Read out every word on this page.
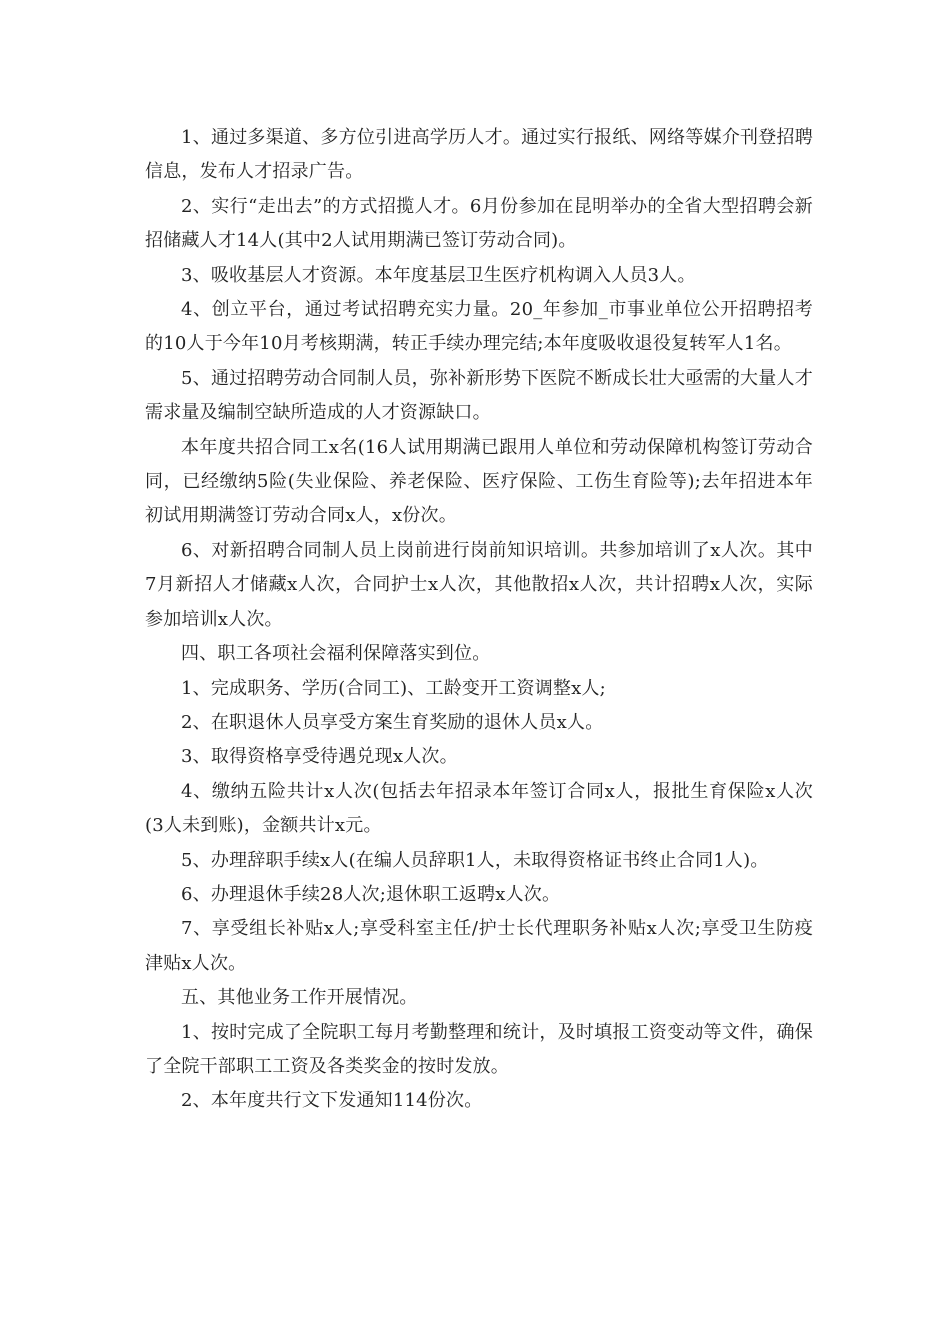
1、通过多渠道、多方位引进高学历人才。通过实行报纸、网络等媒介刊登招聘信息，发布人才招录广告。

2、实行“走出去”的方式招揽人才。6月份参加在昆明举办的全省大型招聘会新招储藏人才14人(其中2人试用期满已签订劳动合同)。

3、吸收基层人才资源。本年度基层卫生医疗机构调入人员3人。

4、创立平台，通过考试招聘充实力量。20_年参加_市事业单位公开招聘招考的10人于今年10月考核期满，转正手续办理完结;本年度吸收退役复转军人1名。

5、通过招聘劳动合同制人员，弥补新形势下医院不断成长壮大亟需的大量人才需求量及编制空缺所造成的人才资源缺口。

本年度共招合同工x名(16人试用期满已跟用人单位和劳动保障机构签订劳动合同，已经缴纳5险(失业保险、养老保险、医疗保险、工伤生育险等);去年招进本年初试用期满签订劳动合同x人，x份次。

6、对新招聘合同制人员上岗前进行岗前知识培训。共参加培训了x人次。其中7月新招人才储藏x人次，合同护士x人次，其他散招x人次，共计招聘x人次，实际参加培训x人次。

四、职工各项社会福利保障落实到位。

1、完成职务、学历(合同工)、工龄变开工资调整x人;

2、在职退休人员享受方案生育奖励的退休人员x人。

3、取得资格享受待遇兑现x人次。

4、缴纳五险共计x人次(包括去年招录本年签订合同x人，报批生育保险x人次(3人未到账)，金额共计x元。

5、办理辞职手续x人(在编人员辞职1人，未取得资格证书终止合同1人)。

6、办理退休手续28人次;退休职工返聘x人次。

7、享受组长补贴x人;享受科室主任/护士长代理职务补贴x人次;享受卫生防疫津贴x人次。

五、其他业务工作开展情况。

1、按时完成了全院职工每月考勤整理和统计，及时填报工资变动等文件，确保了全院干部职工工资及各类奖金的按时发放。

2、本年度共行文下发通知114份次。
